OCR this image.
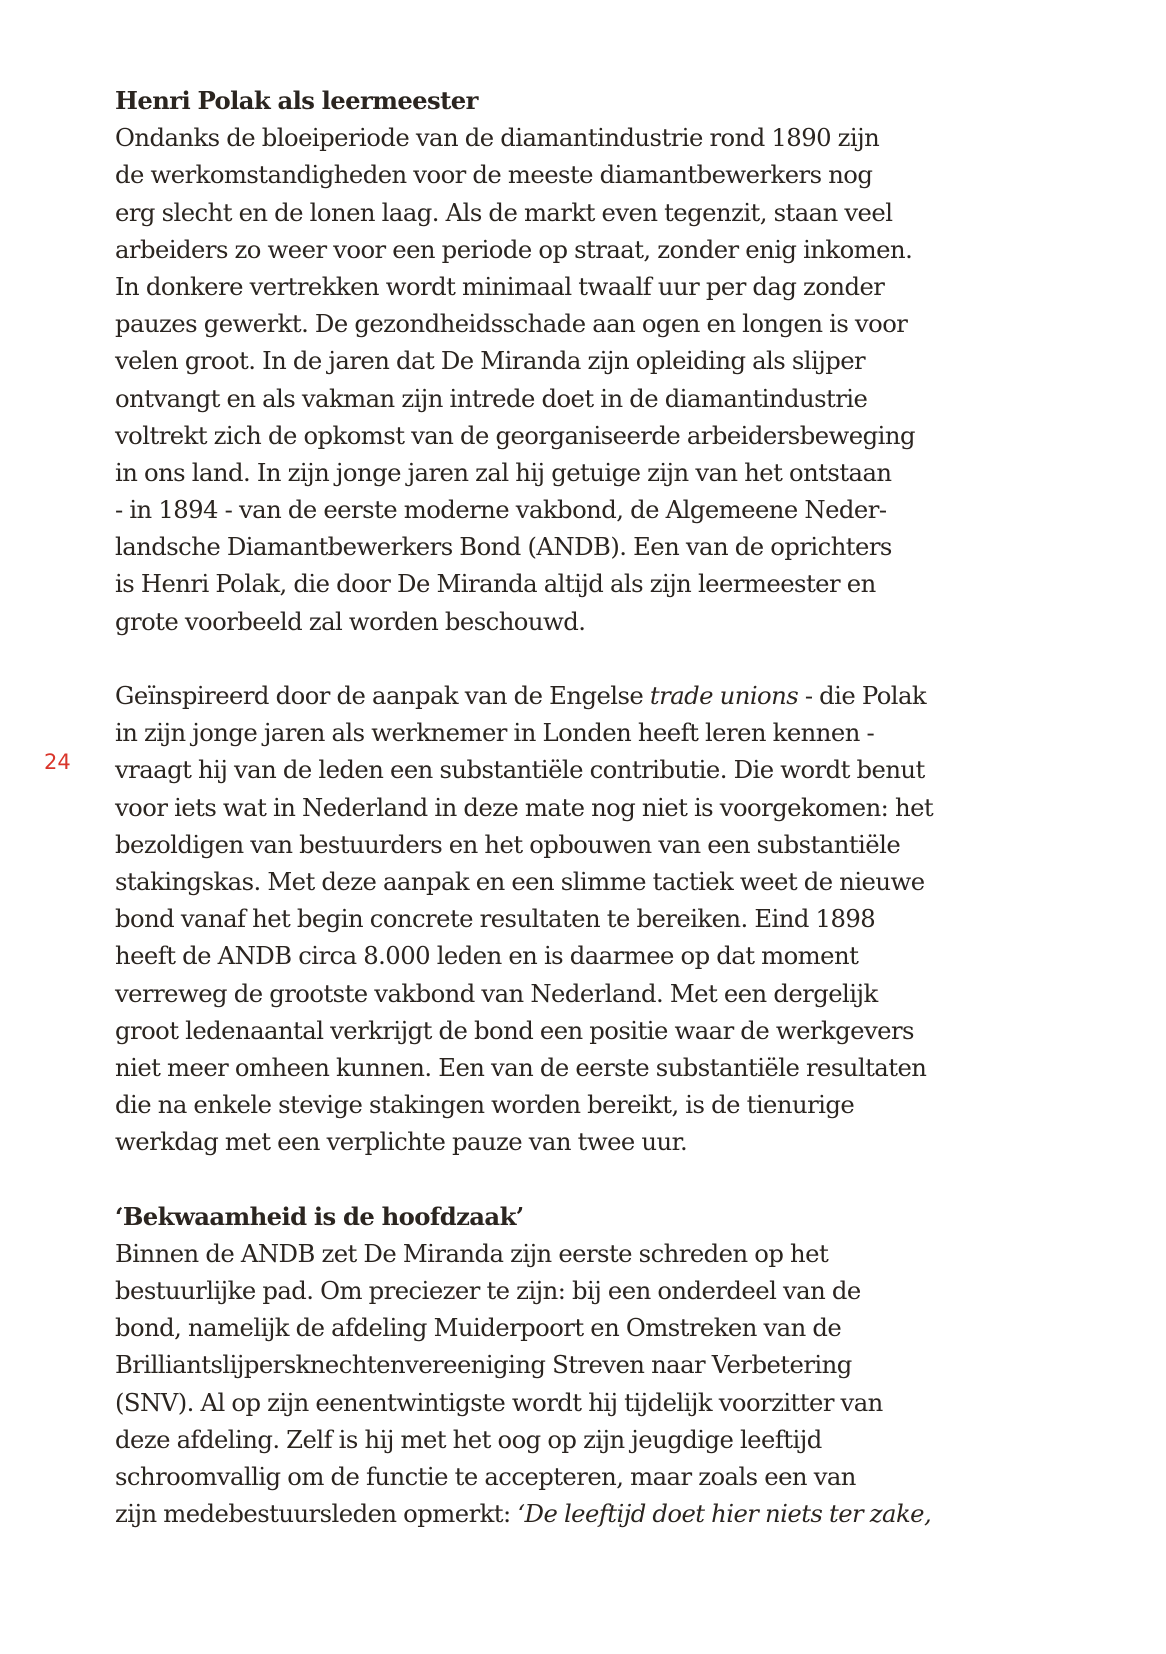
24
Henri Polak als leermeester
Ondanks de bloeiperiode van de diamantindustrie rond 1890 zijn
de werkomstandigheden voor de meeste diamantbewerkers nog
erg slecht en de lonen laag. Als de markt even tegenzit, staan veel
arbeiders zo weer voor een periode op straat, zonder enig inkomen.
In donkere vertrekken wordt minimaal twaalf uur per dag zonder
pauzes gewerkt. De gezondheidsschade aan ogen en longen is voor
velen groot. In de jaren dat De Miranda zijn opleiding als slijper
ontvangt en als vakman zijn intrede doet in de diamantindustrie
voltrekt zich de opkomst van de georganiseerde arbeidersbeweging
in ons land. In zijn jonge jaren zal hij getuige zijn van het ontstaan
- in 1894 - van de eerste moderne vakbond, de Algemeene Neder-
landsche Diamantbewerkers Bond (ANDB). Een van de oprichters
is Henri Polak, die door De Miranda altijd als zijn leermeester en
grote voorbeeld zal worden beschouwd.
Geïnspireerd door de aanpak van de Engelse trade unions - die Polak
in zijn jonge jaren als werknemer in Londen heeft leren kennen -
vraagt hij van de leden een substantiële contributie. Die wordt benut
voor iets wat in Nederland in deze mate nog niet is voorgekomen: het
bezoldigen van bestuurders en het opbouwen van een substantiële
stakingskas. Met deze aanpak en een slimme tactiek weet de nieuwe
bond vanaf het begin concrete resultaten te bereiken. Eind 1898
heeft de ANDB circa 8.000 leden en is daarmee op dat moment
verreweg de grootste vakbond van Nederland. Met een dergelijk
groot ledenaantal verkrijgt de bond een positie waar de werkgevers
niet meer omheen kunnen. Een van de eerste substantiële resultaten
die na enkele stevige stakingen worden bereikt, is de tienurige
werkdag met een verplichte pauze van twee uur.
‘Bekwaamheid is de hoofdzaak’
Binnen de ANDB zet De Miranda zijn eerste schreden op het
bestuurlijke pad. Om preciezer te zijn: bij een onderdeel van de
bond, namelijk de afdeling Muiderpoort en Omstreken van de
Brilliantslijpersknechtenvereeniging Streven naar Verbetering
(SNV). Al op zijn eenentwintigste wordt hij tijdelijk voorzitter van
deze afdeling. Zelf is hij met het oog op zijn jeugdige leeftijd
schroomvallig om de functie te accepteren, maar zoals een van
zijn medebestuursleden opmerkt: ‘De leeftijd doet hier niets ter zake,
